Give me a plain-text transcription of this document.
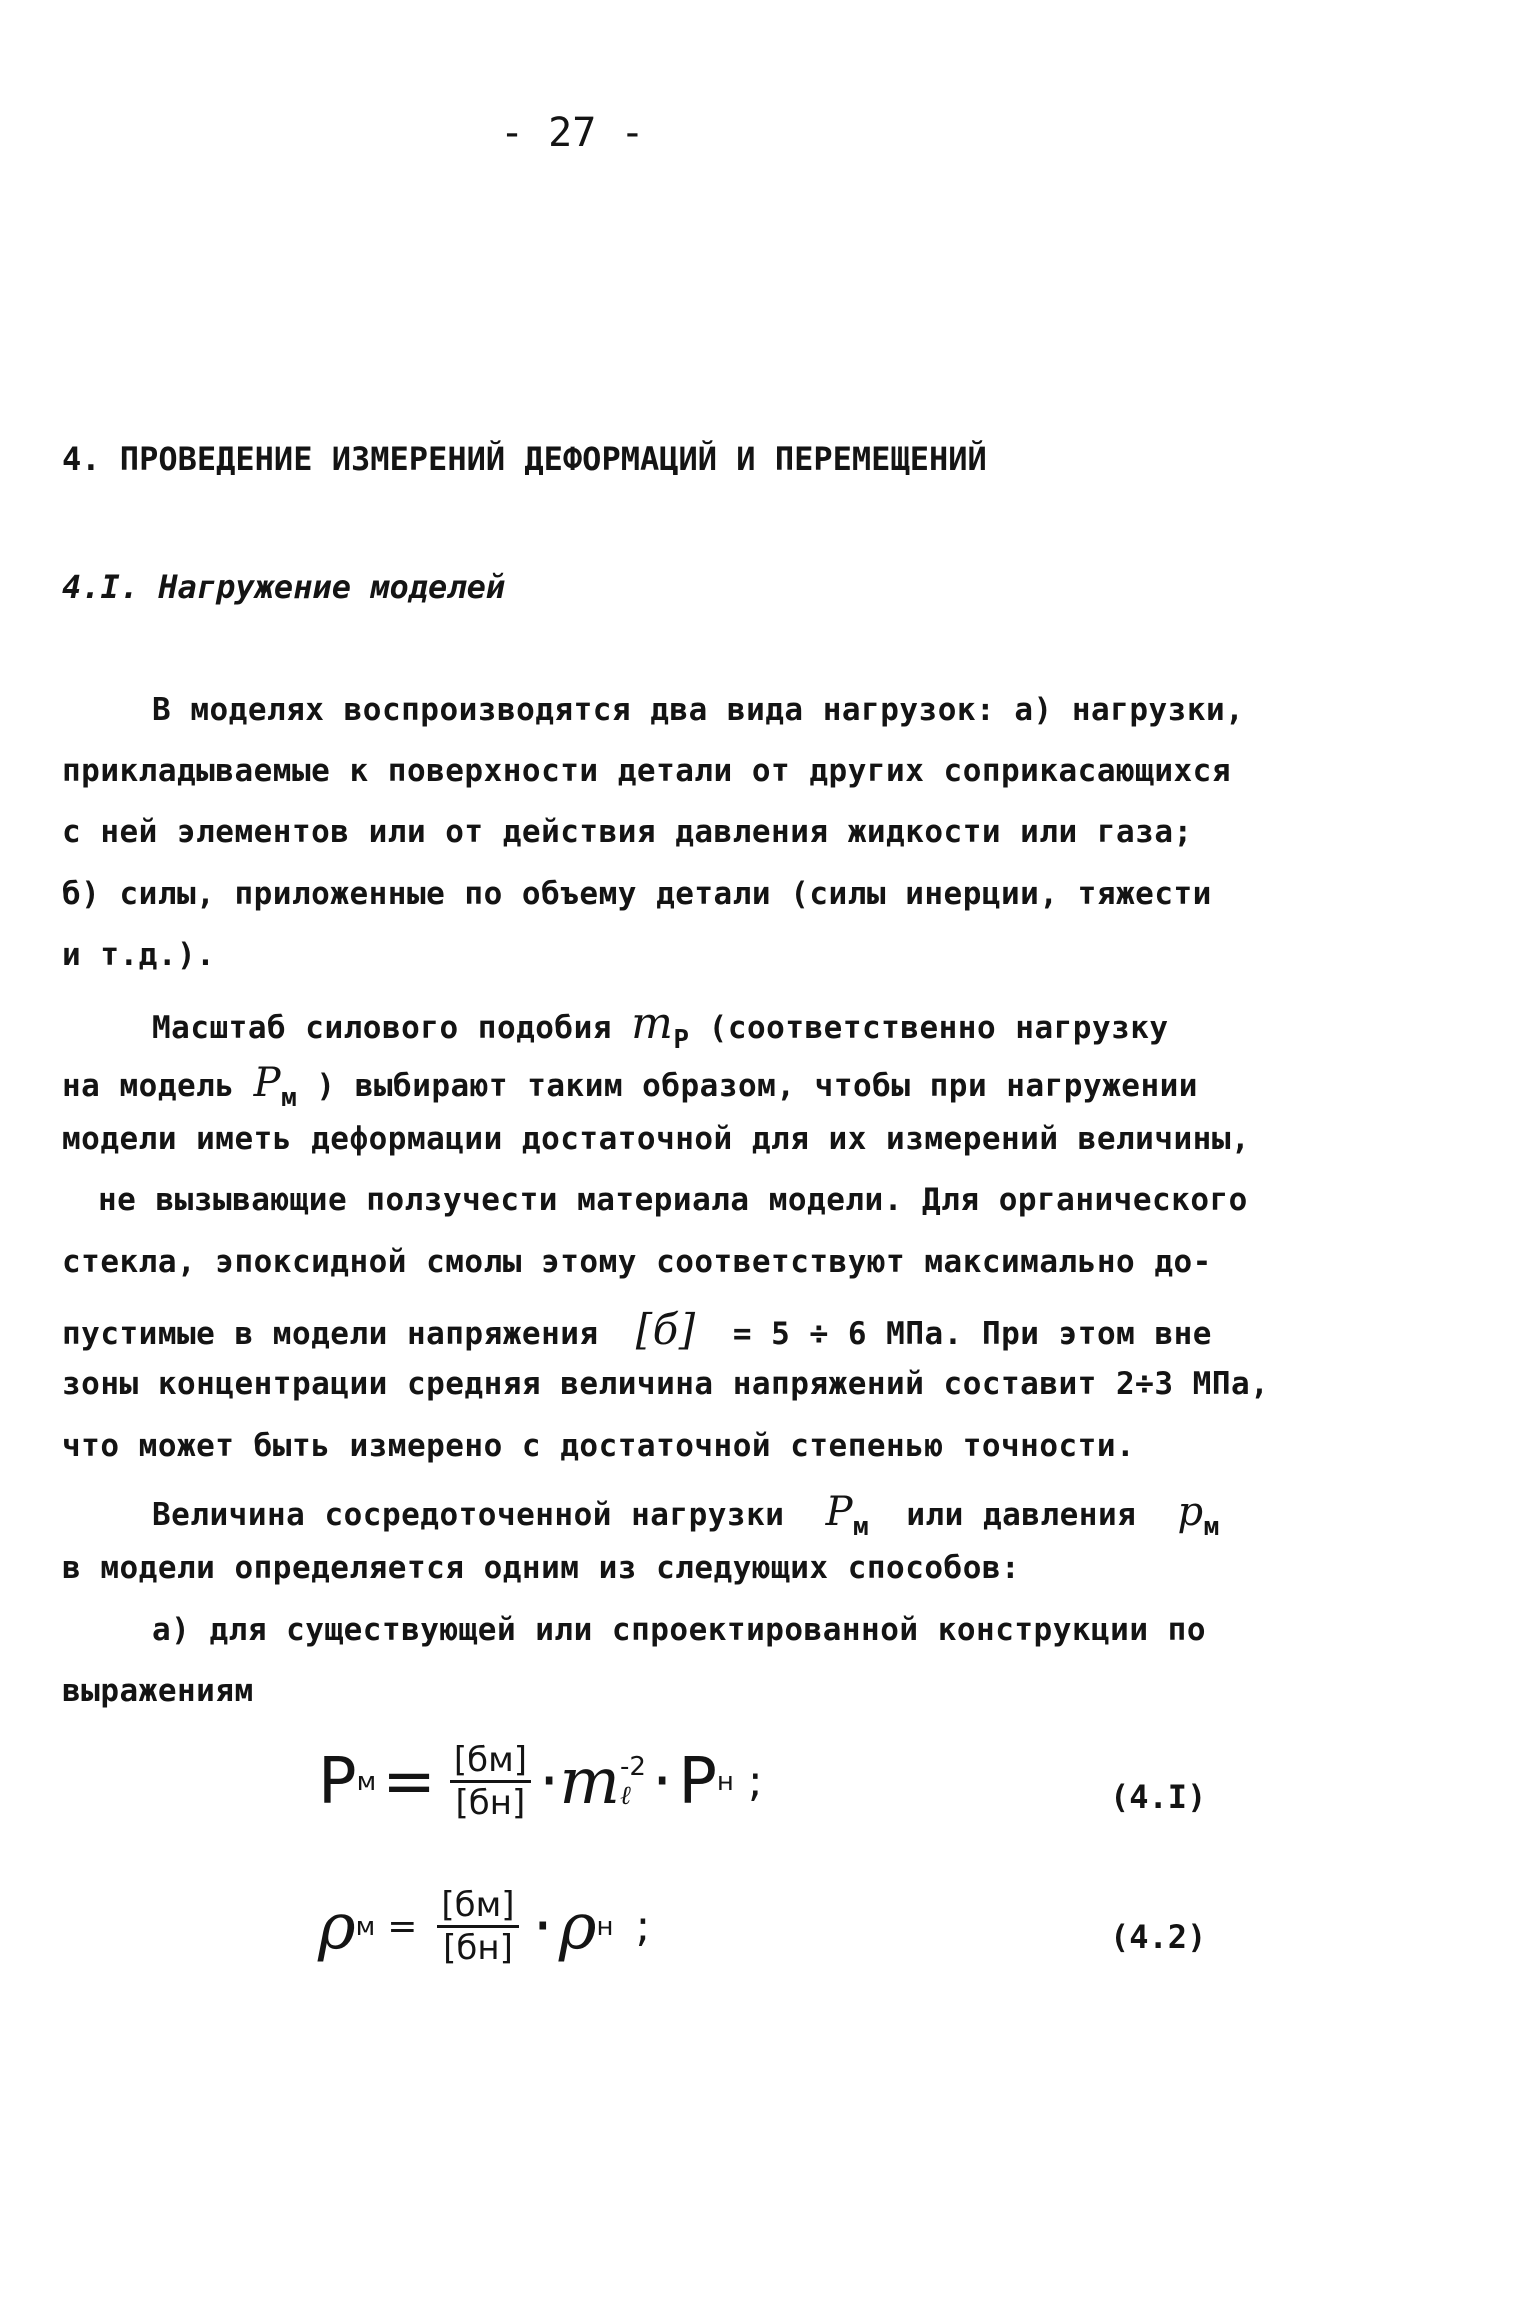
- 27 -
4. ПРОВЕДЕНИЕ ИЗМЕРЕНИЙ ДЕФОРМАЦИЙ И ПЕРЕМЕЩЕНИЙ
4.I. Нагружение моделей
В моделях воспроизводятся два вида нагрузок: а) нагрузки,
прикладываемые к поверхности детали от других соприкасающихся
с ней элементов или от действия давления жидкости или газа;
б) силы, приложенные по объему детали (силы инерции, тяжести
и т.д.).
Масштаб силового подобия $m_P$ (соответственно нагрузку
на модель $P_м$ ) выбирают таким образом, чтобы при нагружении
модели иметь деформации достаточной для их измерений величины,
не вызывающие ползучести материала модели. Для органического
стекла, эпоксидной смолы этому соответствуют максимально до-
пустимые в модели напряжения [б] = 5 ÷ 6 МПа. При этом вне
зоны концентрации средняя величина напряжений составит 2÷3 МПа,
что может быть измерено с достаточной степенью точности.
Величина сосредоточенной нагрузки $P_м$ или давления $p_м$
в модели определяется одним из следующих способов:
а) для существующей или спроектированной конструкции по
выражениям
P $м = \frac{[бм]}{[бн]} \cdot m$ -2
ℓ · P н ;	(4.I)
ρ $м = \frac{[бм]}{[бн]} \cdot \rho$ н ;	(4.2)
